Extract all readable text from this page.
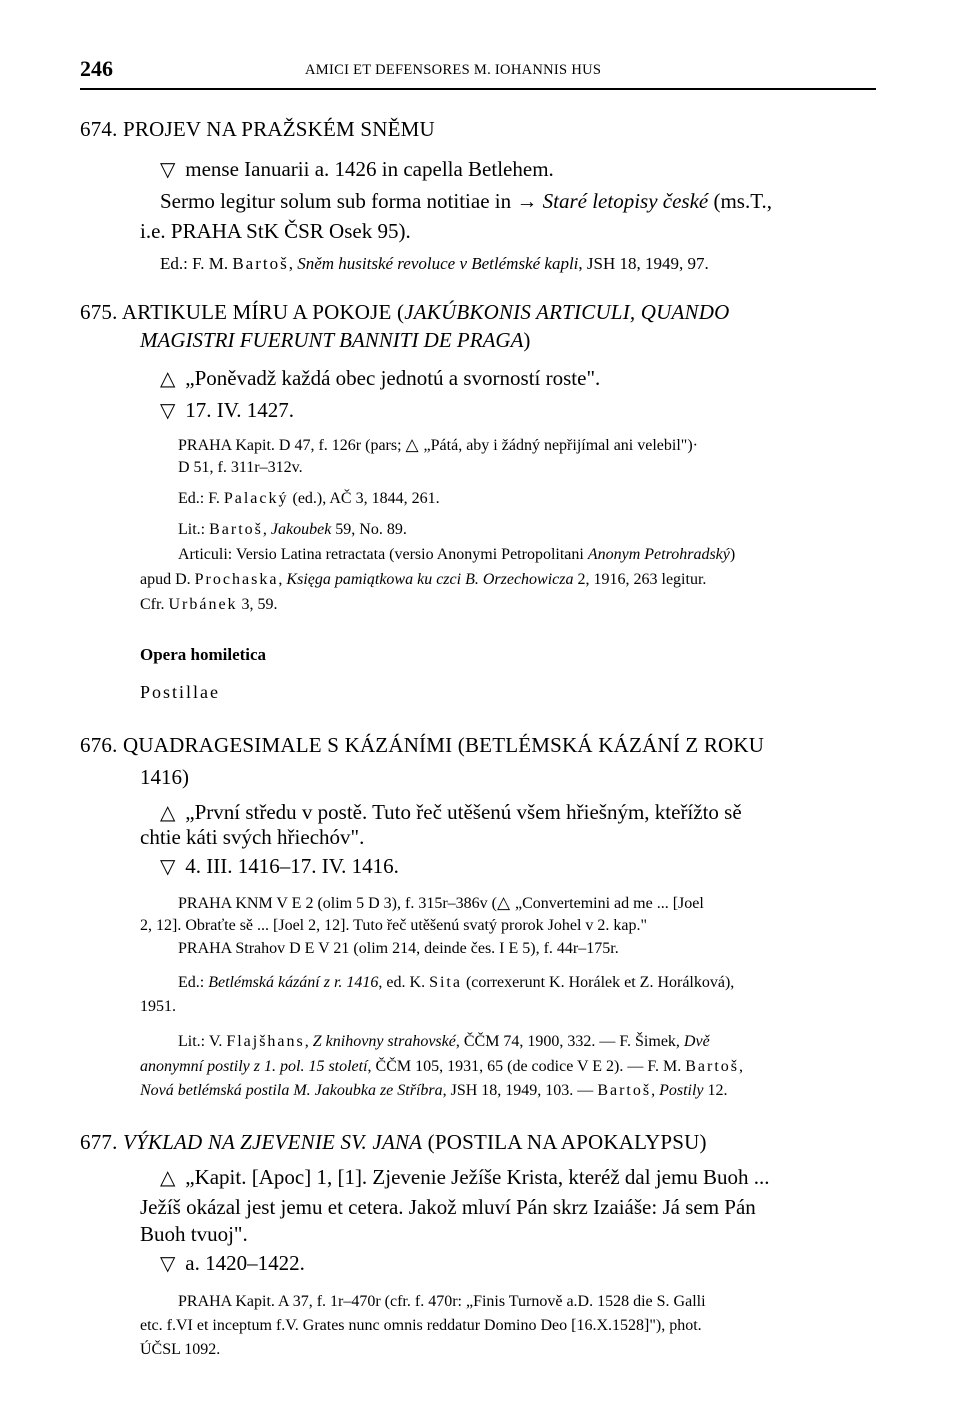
246	AMICI ET DEFENSORES M. IOHANNIS HUS
674. PROJEV NA PRAŽSKÉM SNĚMU
▽ mense Ianuarii a. 1426 in capella Betlehem.
Sermo legitur solum sub forma notitiae in → Staré letopisy české (ms.T.,
i.e. PRAHA StK ČSR Osek 95).
Ed.: F. M. Bartoš, Sněm husitské revoluce v Betlémské kapli, JSH 18, 1949, 97.
675. ARTIKULE MÍRU A POKOJE (JAKÚBKONIS ARTICULI, QUANDO
MAGISTRI FUERUNT BANNITI DE PRAGA)
△ „Poněvadž každá obec jednotú a svorností roste".
▽ 17. IV. 1427.
PRAHA Kapit. D 47, f. 126r (pars; △ „Pátá, aby i žádný nepřijímal ani velebil")·
D 51, f. 311r–312v.
Ed.: F. Palacký (ed.), AČ 3, 1844, 261.
Lit.: Bartoš, Jakoubek 59, No. 89.
Articuli: Versio Latina retractata (versio Anonymi Petropolitani Anonym Petrohradský)
apud D. Prochaska, Księga pamiątkowa ku czci B. Orzechowicza 2, 1916, 263 legitur.
Cfr. Urbánek 3, 59.
Opera homiletica
Postillae
676. QUADRAGESIMALE S KÁZÁNÍMI (BETLÉMSKÁ KÁZÁNÍ Z ROKU
1416)
△ „První středu v postě. Tuto řeč utěšenú všem hřiešným, kteřížto sě
chtie káti svých hřiechóv".
▽ 4. III. 1416–17. IV. 1416.
PRAHA KNM V E 2 (olim 5 D 3), f. 315r–386v (△ „Convertemini ad me ... [Joel
2, 12]. Obraťte sě ... [Joel 2, 12]. Tuto řeč utěšenú svatý prorok Johel v 2. kap."
PRAHA Strahov D E V 21 (olim 214, deinde čes. I E 5), f. 44r–175r.
Ed.: Betlémská kázání z r. 1416, ed. K. Sita (correxerunt K. Horálek et Z. Horálková),
1951.
Lit.: V. Flajšhans, Z knihovny strahovské, ČČM 74, 1900, 332. — F. Šimek, Dvě
anonymní postily z 1. pol. 15 století, ČČM 105, 1931, 65 (de codice V E 2). — F. M. Bartoš,
Nová betlémská postila M. Jakoubka ze Stříbra, JSH 18, 1949, 103. — Bartoš, Postily 12.
677. VÝKLAD NA ZJEVENIE SV. JANA (POSTILA NA APOKALYPSU)
△ „Kapit. [Apoc] 1, [1]. Zjevenie Ježíše Krista, kteréž dal jemu Buoh ...
Ježíš okázal jest jemu et cetera. Jakož mluví Pán skrz Izaiáše: Já sem Pán
Buoh tvuoj".
▽ a. 1420–1422.
PRAHA Kapit. A 37, f. 1r–470r (cfr. f. 470r: „Finis Turnově a.D. 1528 die S. Galli
etc. f.VI et inceptum f.V. Grates nunc omnis reddatur Domino Deo [16.X.1528]"), phot.
ÚČSL 1092.
